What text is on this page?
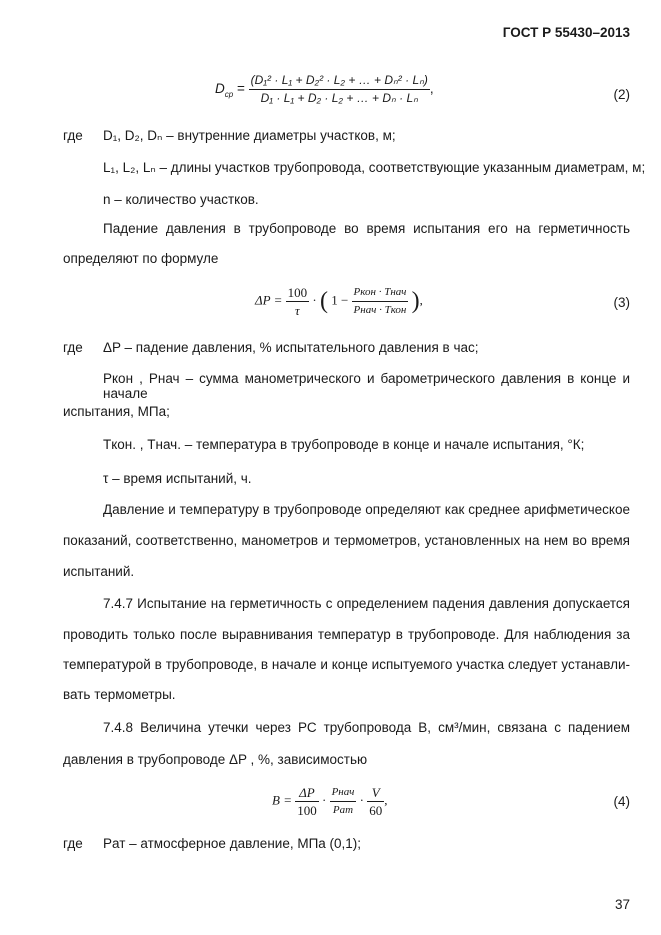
ГОСТ Р 55430–2013
$D_{ср} = \frac{\text{(D₁² · L₁ + D₂² · L₂ + … + Dₙ² · Lₙ)}}{\text{D₁ · L₁ + D₂ · L₂ + … + Dₙ · Lₙ}}$ ,	(2)
где D₁, D₂, Dₙ – внутренние диаметры участков, м;
L₁, L₂, Lₙ – длины участков трубопровода, соответствующие указанным диаметрам, м;
n – количество участков.
Падение давления в трубопроводе во время испытания его на герметичность
определяют по формуле
$\Delta P = \frac{100}{\tau}$ · ( 1 −
Pкон · Tнач
Pнач · Tкон ),	(3)
где ΔP – падение давления, % испытательного давления в час;
Pкон , Pнач – сумма манометрического и барометрического давления в конце и начале
испытания, МПа;
Tкон. , Tнач. – температура в трубопроводе в конце и начале испытания, °К;
τ – время испытаний, ч.
Давление и температуру в трубопроводе определяют как среднее арифметическое
показаний, соответственно, манометров и термометров, установленных на нем во время
испытаний.
7.4.7 Испытание на герметичность с определением падения давления допускается
проводить только после выравнивания температур в трубопроводе. Для наблюдения за
температурой в трубопроводе, в начале и конце испытуемого участка следует устанавли-
вать термометры.
7.4.8 Величина утечки через РС трубопровода B, см³/мин, связана с падением
давления в трубопроводе ΔP , %, зависимостью
$B = \frac{\Delta P}{100}$ ·
Pнач
Pат
· $\frac{V}{60}$ ,	(4)
где Pат – атмосферное давление, МПа (0,1);
37
